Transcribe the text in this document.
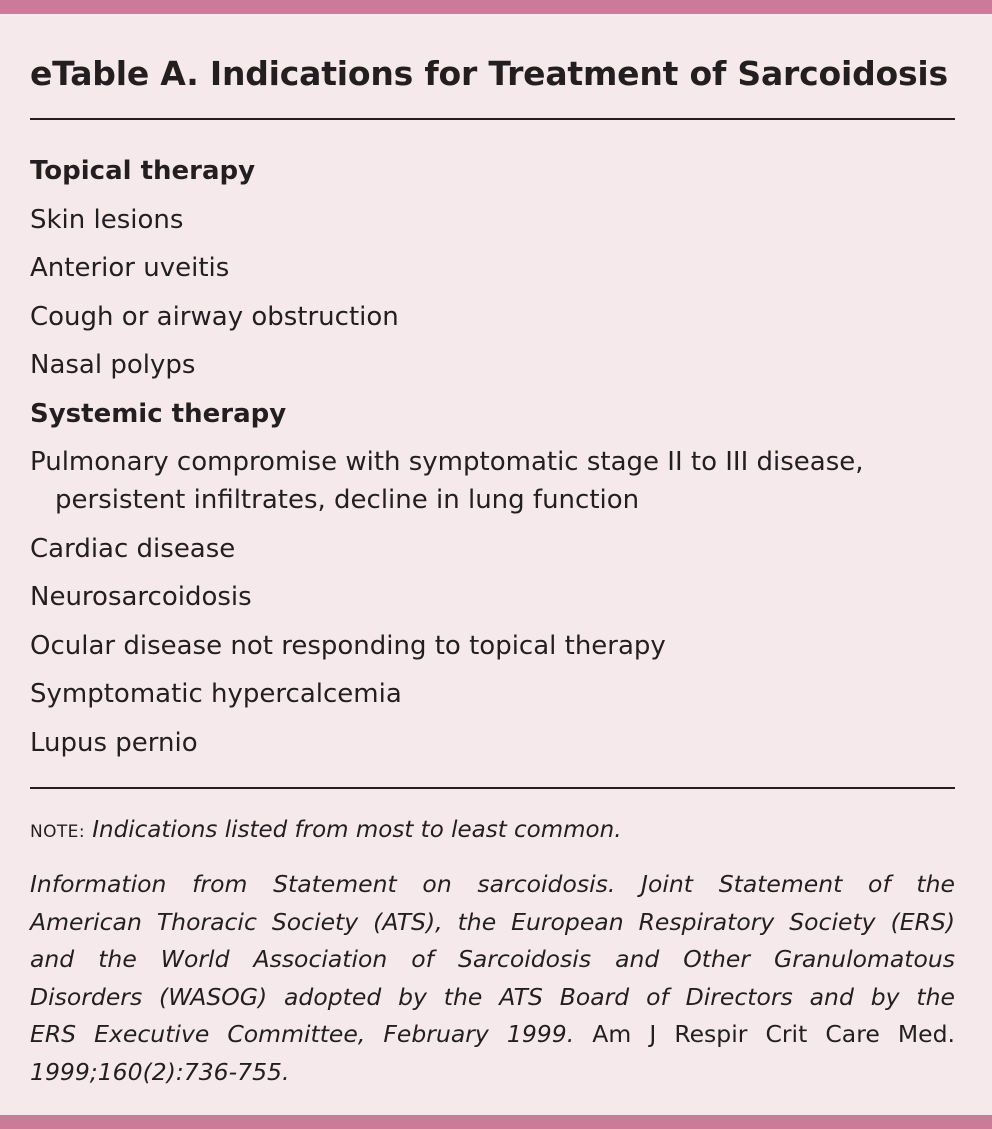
eTable A. Indications for Treatment of Sarcoidosis
Topical therapy
Skin lesions
Anterior uveitis
Cough or airway obstruction
Nasal polyps
Systemic therapy
Pulmonary compromise with symptomatic stage II to III disease,
persistent infiltrates, decline in lung function
Cardiac disease
Neurosarcoidosis
Ocular disease not responding to topical therapy
Symptomatic hypercalcemia
Lupus pernio
NOTE: Indications listed from most to least common.
Information from Statement on sarcoidosis. Joint Statement of the
American Thoracic Society (ATS), the European Respiratory Society (ERS)
and the World Association of Sarcoidosis and Other Granulomatous
Disorders (WASOG) adopted by the ATS Board of Directors and by the
ERS Executive Committee, February 1999. Am J Respir Crit Care Med.
1999;160(2):736-755.
